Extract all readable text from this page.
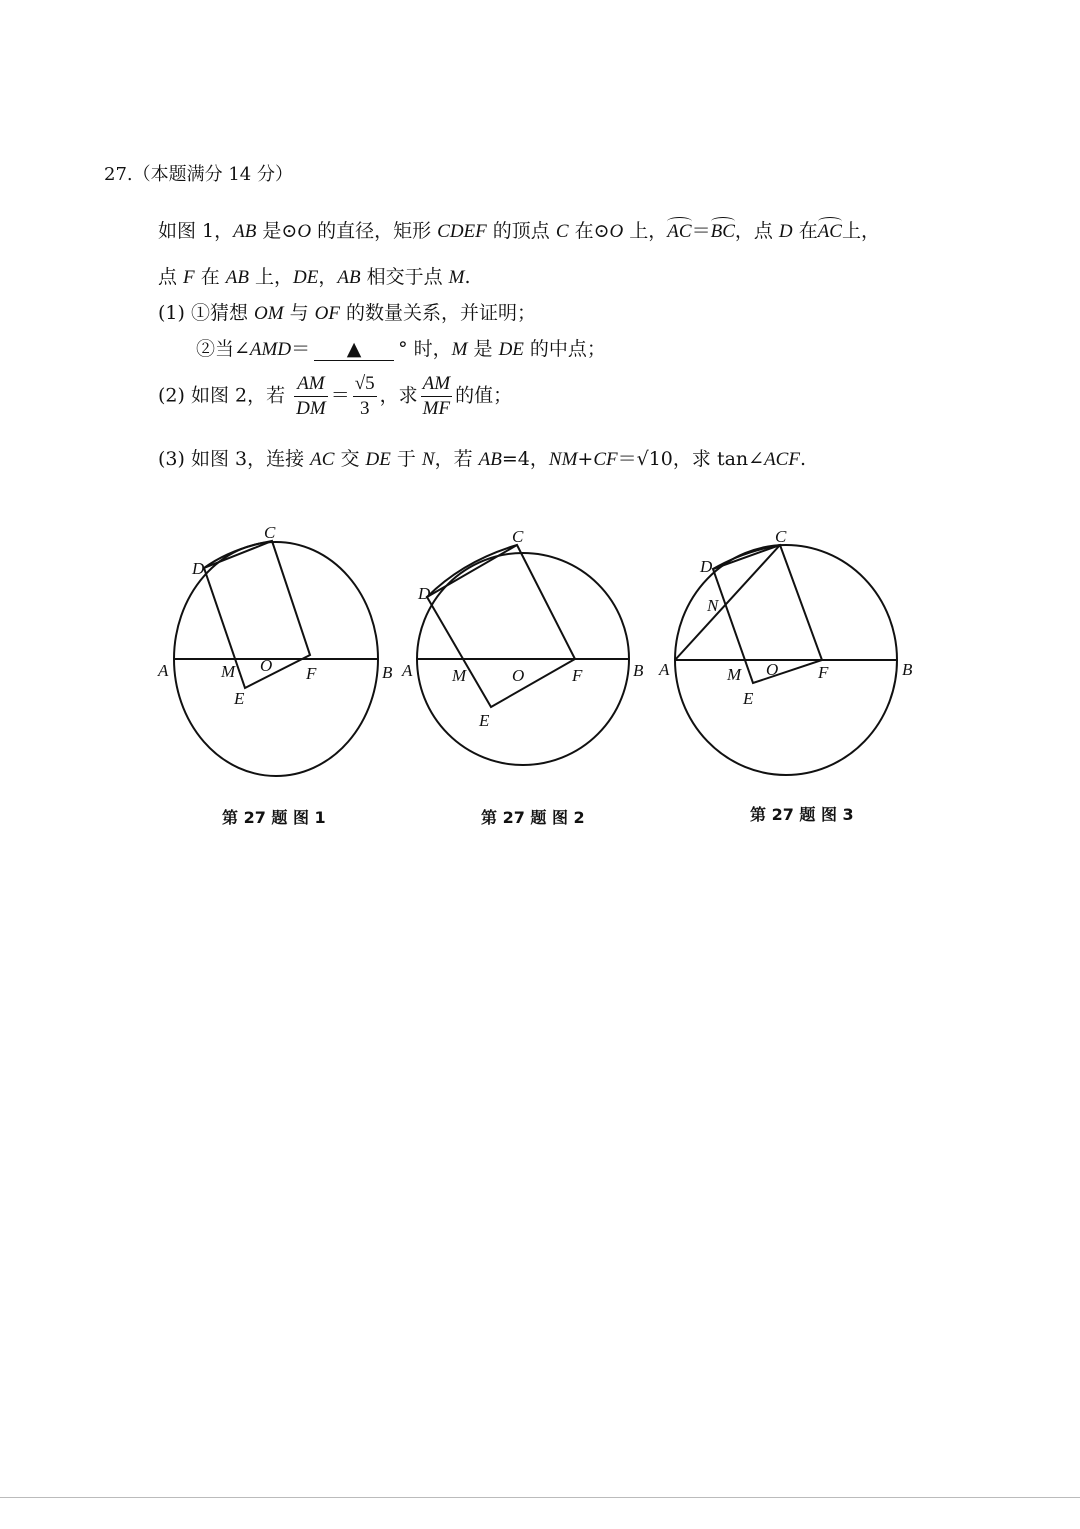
27.（本题满分 14 分）
如图 1，AB 是⊙O 的直径，矩形 CDEF 的顶点 C 在⊙O 上，AC＝BC，点 D 在AC上，
点 F 在 AB 上，DE，AB 相交于点 M.
(1) ①猜想 OM 与 OF 的数量关系，并证明；
②当∠AMD＝ ▲ ° 时，M 是 DE 的中点；
(2) 如图 2，若 $\frac{AM}{DM} = \frac{√5}{3}$ ，求 $\frac{AM}{MF}$ 的值；
(3) 如图 3，连接 AC 交 DE 于 N，若 AB=4，NM+CF＝√10，求 tan∠ACF.
A	B
C
D
E
F
M O	A	B
C
D
E
F
M	O	A	B
C
D
E
F
M
N
O
第 27 题 图 1	第 27 题 图 2	第 27 题 图 3
